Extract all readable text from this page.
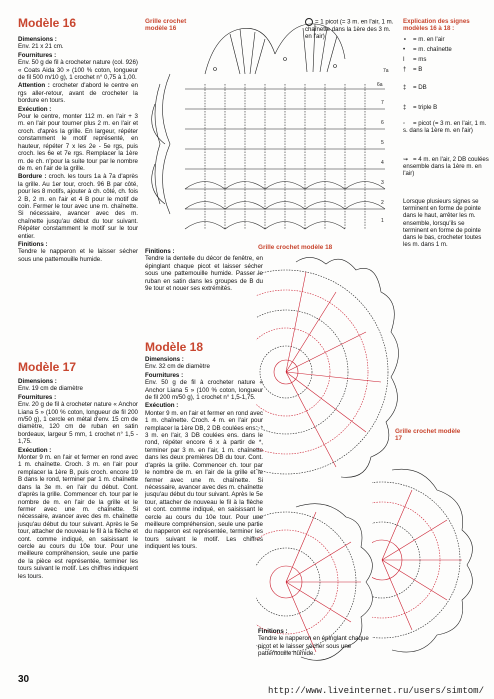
Modèle 16
Dimensions :
Env. 21 x 21 cm.
Fournitures :
Env. 50 g de fil à crocheter nature (col. 926) « Coats Aida 30 » (100 % coton, longueur de fil 500 m/10 g), 1 crochet n° 0,75 à 1,00.
Attention : crocheter d'abord le centre en rgs aller-retour, avant de crocheter la bordure en tours.
Exécution :
Pour le centre, monter 112 m. en l'air + 3 m. en l'air pour tourner plus 2 m. en l'air et croch. d'après la grille. En largeur, répéter constamment le motif représenté, en hauteur, répéter 7 x les 2e - 5e rgs, puis croch. les 6e et 7e rgs. Remplacer la 1ère m. de ch. n'pour la suite tour par le nombre de m. en l'air de la grille.
Bordure : croch. les tours 1a à 7a d'après la grille. Au 1er tour, croch. 96 B par côté, pour les 8 motifs, ajouter à ch. côté, ch. fois 2 B, 2 m. en l'air et 4 B pour le motif de coin. Fermer le tour avec une m. chaînette. Si nécessaire, avancer avec des m. chaînette jusqu'au début du tour suivant. Répéter constamment le motif sur le tour entier.
Finitions :
Tendre le napperon et le laisser sécher sous une pattemouille humide.
Modèle 17
Dimensions :
Env. 19 cm de diamètre
Fournitures :
Env. 20 g de fil à crocheter nature « Anchor Liana 5 » (100 % coton, longueur de fil 200 m/50 g), 1 cercle en métal d'env. 15 cm de diamètre, 120 cm de ruban en satin bordeaux, largeur 5 mm, 1 crochet n° 1,5 - 1,75.
Exécution :
Monter 9 m. en l'air et fermer en rond avec 1 m. chaînette. Croch. 3 m. en l'air pour remplacer la 1ère B, puis croch. encore 19 B dans le rond, terminer par 1 m. chaînette dans la 3e m. en l'air du début. Cont. d'après la grille. Commencer ch. tour par le nombre de m. en l'air de la grille et le fermer avec une m. chaînette. Si nécessaire, avancer avec des m. chaînette jusqu'au début du tour suivant. Après le 5e tour, attacher de nouveau le fil à la flèche et cont. comme indiqué, en saisissant le cercle au cours du 10e tour. Pour une meilleure compréhension, seule une partie de la pièce est représentée, terminer les tours suivant le motif. Les chiffres indiquent les tours.
Finitions :
Tendre la dentelle du décor de fenêtre, en épinglant chaque picot et laisser sécher sous une pattemouille humide. Passer le ruban en satin dans les groupes de B du 9e tour et nouer ses extrémités.
Modèle 18
Dimensions :
Env. 32 cm de diamètre
Fournitures :
Env. 50 g de fil à crocheter nature « Anchor Liana 5 » (100 % coton, longueur de fil 200 m/50 g), 1 crochet n° 1,5-1,75.
Exécution :
Monter 9 m. en l'air et fermer en rond avec 1 m. chaînette. Croch. 4 m. en l'air pour remplacer la 1ère DB, 2 DB coulées ens., * 3 m. en l'air, 3 DB coulées ens. dans le rond, répéter encore 6 x à partir de *, terminer par 3 m. en l'air, 1 m. chaînette dans les deux premières DB du tour. Cont. d'après la grille. Commencer ch. tour par le nombre de m. en l'air de la grille et le fermer avec une m. chaînette. Si nécessaire, avancer avec des m. chaînette jusqu'au début du tour suivant. Après le 5e tour, attacher de nouveau le fil à la flèche et cont. comme indiqué, en saisissant le cercle au cours du 10e tour. Pour une meilleure compréhension, seule une partie du napperon est représentée, terminer les tours suivant le motif. Les chiffres indiquent les tours.
Grille crochet modèle 16
7a
6a
7
6
5
4
3
2
1
= 1 picot (= 3 m. en l'air, 1 m. chaînette dans la 1ère des 3 m. en l'air)
Explication des signes modèles 16 à 18 :
∘ = m. en l'air
• = m. chaînette
ǀ = ms
† = B
‡ = DB
‡ = triple B
◦ = picot (= 3 m. en l'air, 1 m. s. dans la 1ère m. en l'air)
⇝ = 4 m. en l'air, 2 DB coulées ensemble dans la 1ère m. en l'air)
Lorsque plusieurs signes se terminent en forme de pointe dans le haut, arrêter les m. ensemble, lorsqu'ils se terminent en forme de pointe dans le bas, crocheter toutes les m. dans 1 m.
Grille crochet modèle 18
Grille crochet modèle 17
Finitions :
Tendre le napperon en épinglant chaque picot et le laisser sécher sous une pattemouille humide.
30
http://www.liveinternet.ru/users/simtom/
